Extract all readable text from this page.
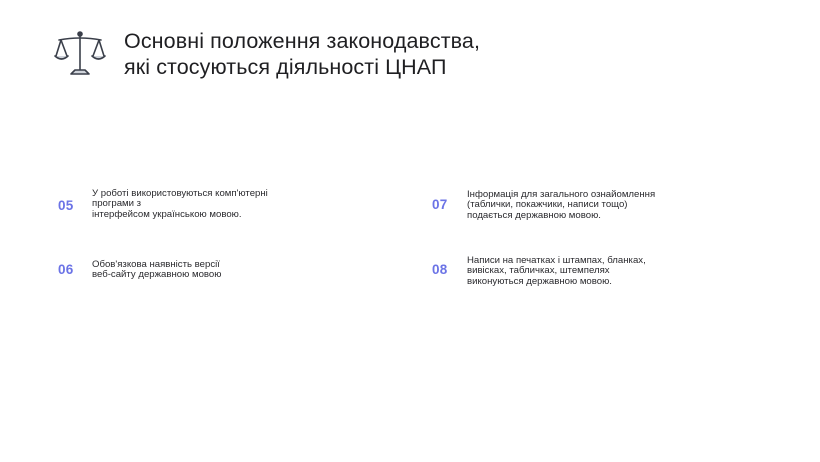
Основні положення законодавства,
які стосуються діяльності ЦНАП
05
У роботі використовуються комп'ютерні
програми з
інтерфейсом українською мовою.
06 Обов'язкова наявність версії
веб-сайту державною мовою
07
Інформація для загального ознайомлення
(таблички, покажчики, написи тощо)
подається державною мовою.
08
Написи на печатках і штампах, бланках,
вивісках, табличках, штемпелях
виконуються державною мовою.
